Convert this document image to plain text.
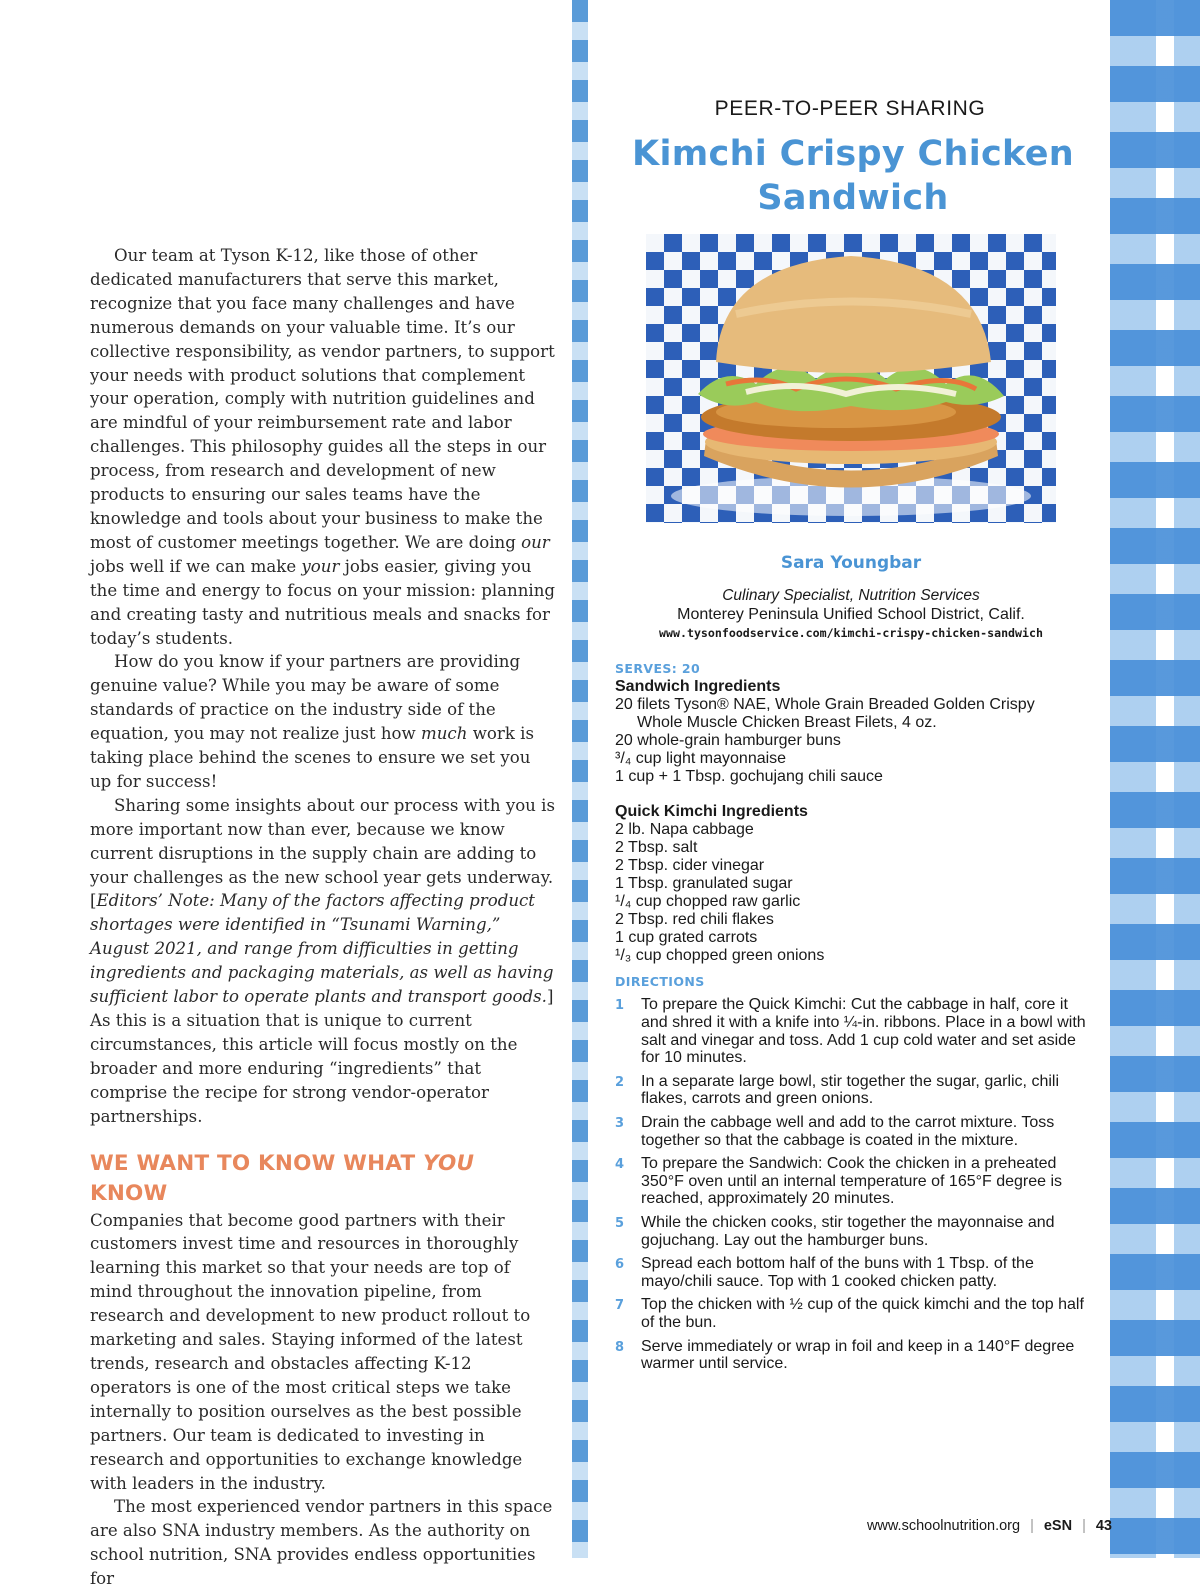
Our team at Tyson K-12, like those of other dedicated manufacturers that serve this market, recognize that you face many challenges and have numerous demands on your valuable time. It’s our collective responsibility, as vendor partners, to support your needs with product solutions that complement your operation, comply with nutrition guidelines and are mindful of your reimbursement rate and labor challenges. This philosophy guides all the steps in our process, from research and development of new products to ensuring our sales teams have the knowledge and tools about your business to make the most of customer meetings together. We are doing our jobs well if we can make your jobs easier, giving you the time and energy to focus on your mission: planning and creating tasty and nutritious meals and snacks for today’s students.

How do you know if your partners are providing genuine value? While you may be aware of some standards of practice on the industry side of the equation, you may not realize just how much work is taking place behind the scenes to ensure we set you up for success!

Sharing some insights about our process with you is more important now than ever, because we know current disruptions in the supply chain are adding to your challenges as the new school year gets underway. [Editors’ Note: Many of the factors affecting product shortages were identified in “Tsunami Warning,” August 2021, and range from difficulties in getting ingredients and packaging materials, as well as having sufficient labor to operate plants and transport goods.] As this is a situation that is unique to current circumstances, this article will focus mostly on the broader and more enduring “ingredients” that comprise the recipe for strong vendor-operator partnerships.

WE WANT TO KNOW WHAT YOU KNOW

Companies that become good partners with their customers invest time and resources in thoroughly learning this market so that your needs are top of mind throughout the innovation pipeline, from research and development to new product rollout to marketing and sales. Staying informed of the latest trends, research and obstacles affecting K-12 operators is one of the most critical steps we take internally to position ourselves as the best possible partners. Our team is dedicated to investing in research and opportunities to exchange knowledge with leaders in the industry.

The most experienced vendor partners in this space are also SNA industry members. As the authority on school nutrition, SNA provides endless opportunities for

PEER-TO-PEER SHARING
Kimchi Crispy Chicken Sandwich
Sara Youngbar
Culinary Specialist, Nutrition Services
Monterey Peninsula Unified School District, Calif.
www.tysonfoodservice.com/kimchi-crispy-chicken-sandwich
SERVES: 20
Sandwich Ingredients
20 filets Tyson® NAE, Whole Grain Breaded Golden Crispy
Whole Muscle Chicken Breast Filets, 4 oz.
20 whole-grain hamburger buns
³/₄ cup light mayonnaise
1 cup + 1 Tbsp. gochujang chili sauce
Quick Kimchi Ingredients
2 lb. Napa cabbage
2 Tbsp. salt
2 Tbsp. cider vinegar
1 Tbsp. granulated sugar
¹/₄ cup chopped raw garlic
2 Tbsp. red chili flakes
1 cup grated carrots
¹/₃ cup chopped green onions
DIRECTIONS
1	To prepare the Quick Kimchi: Cut the cabbage in half, core it and shred it with a knife into ¼-in. ribbons. Place in a bowl with salt and vinegar and toss. Add 1 cup cold water and set aside for 10 minutes.
2	In a separate large bowl, stir together the sugar, garlic, chili flakes, carrots and green onions.
3	Drain the cabbage well and add to the carrot mixture. Toss together so that the cabbage is coated in the mixture.
4	To prepare the Sandwich: Cook the chicken in a preheated 350°F oven until an internal temperature of 165°F degree is reached, approximately 20 minutes.
5	While the chicken cooks, stir together the mayonnaise and gojuchang. Lay out the hamburger buns.
6	Spread each bottom half of the buns with 1 Tbsp. of the mayo/chili sauce. Top with 1 cooked chicken patty.
7	Top the chicken with ½ cup of the quick kimchi and the top half of the bun.
8	Serve immediately or wrap in foil and keep in a 140°F degree warmer until service.
www.schoolnutrition.org | eSN | 43
